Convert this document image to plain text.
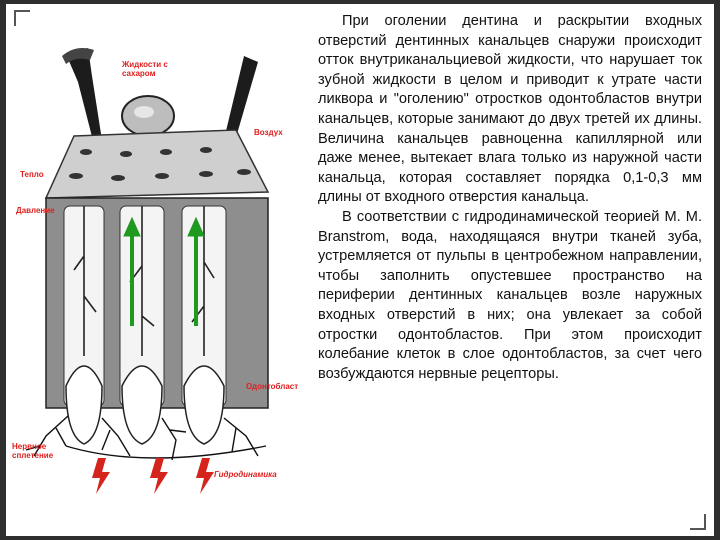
Жидкости с сахаром
Воздух
Тепло
Давление
Одонтобласт
Нервное сплетение
Гидродинамика

При оголении дентина и раскрытии входных отверстий дентинных канальцев снаружи происходит отток внутриканальциевой жидкости, что нарушает ток зубной жидкости в целом и приводит к утрате части ликвора и "оголению" отростков одонтобластов внутри канальцев, которые занимают до двух третей их длины. Величина канальцев равноценна капиллярной или даже менее, вытекает влага только из наружной части канальца, которая составляет порядка 0,1-0,3 мм длины от входного отверстия канальца.

В соответствии с гидродинамической теорией М. М. Branstrom, вода, находящаяся внутри тканей зуба, устремляется от пульпы в центробежном направлении, чтобы заполнить опустевшее пространство на периферии дентинных канальцев возле наружных входных отверстий в них; она увлекает за собой отростки одонтобластов. При этом происходит колебание клеток в слое одонтобластов, за счет чего возбуждаются нервные рецепторы.
